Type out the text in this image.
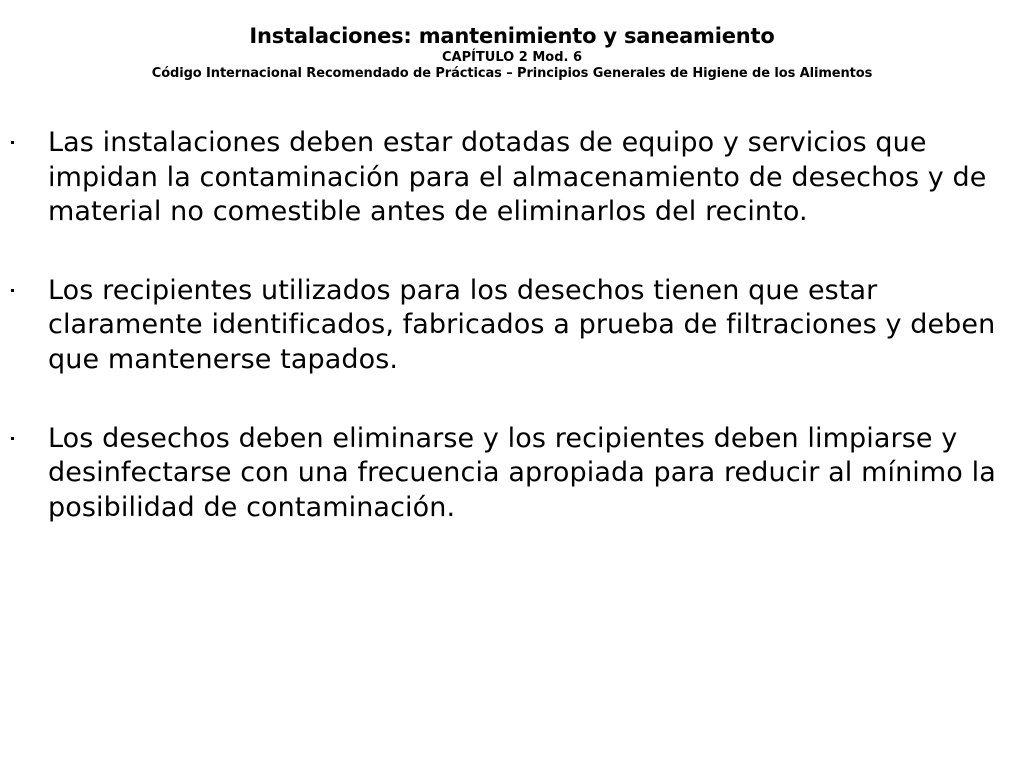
Instalaciones: mantenimiento y saneamiento
CAPÍTULO 2 Mod. 6
Código Internacional Recomendado de Prácticas – Principios Generales de Higiene de los Alimentos
Las instalaciones deben estar dotadas de equipo y servicios que impidan la contaminación para el almacenamiento de desechos y de material no comestible antes de eliminarlos del recinto.
Los recipientes utilizados para los desechos tienen que estar claramente identificados, fabricados a prueba de filtraciones y deben que mantenerse tapados.
Los desechos deben eliminarse y los recipientes deben limpiarse y desinfectarse con una frecuencia apropiada para reducir al mínimo la posibilidad de contaminación.
